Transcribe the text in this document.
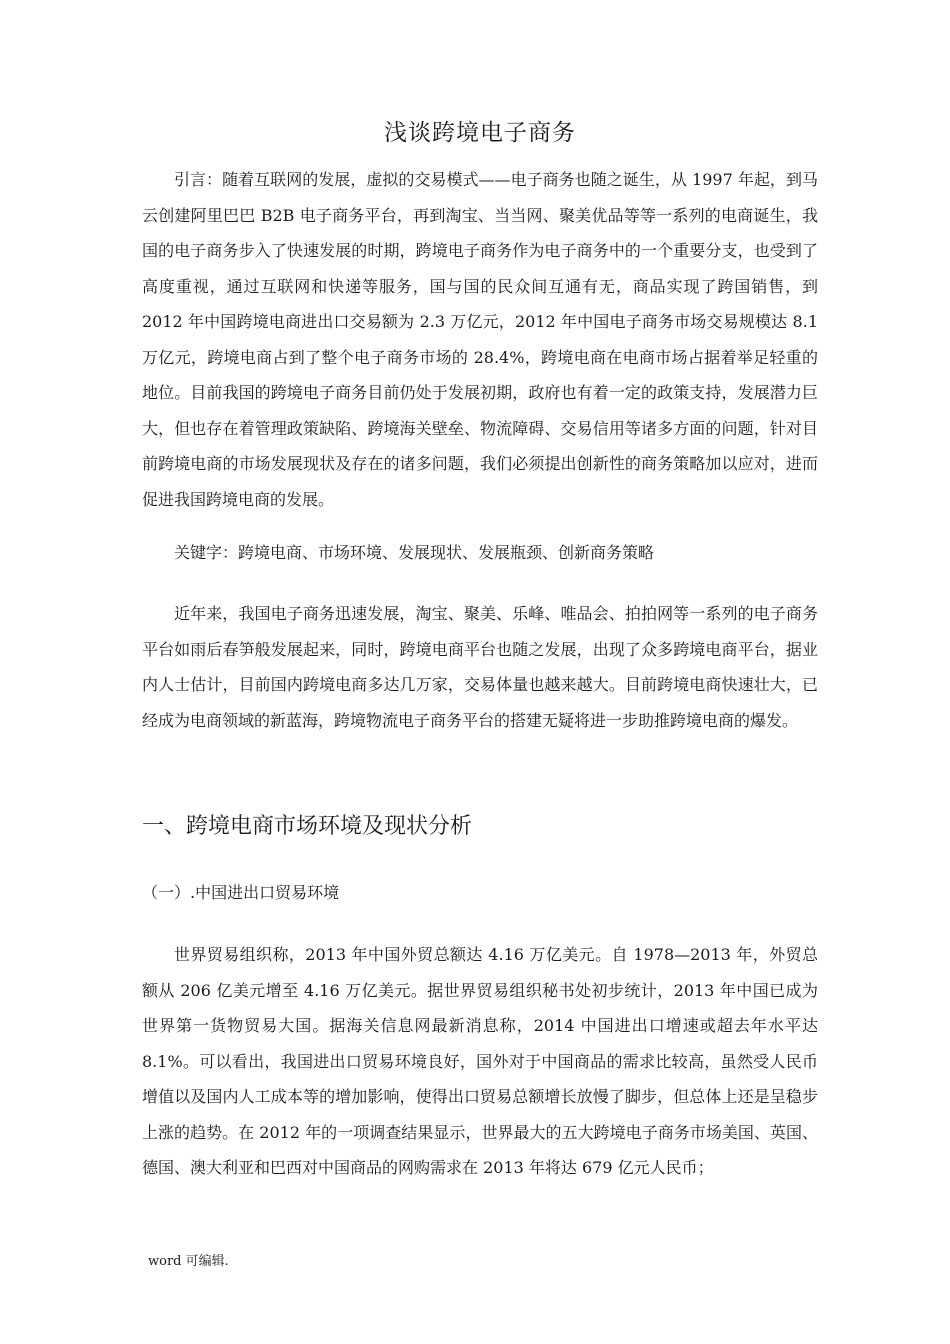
浅谈跨境电子商务

引言：随着互联网的发展，虚拟的交易模式——电子商务也随之诞生，从 1997 年起，到马云创建阿里巴巴 B2B 电子商务平台，再到淘宝、当当网、聚美优品等等一系列的电商诞生，我国的电子商务步入了快速发展的时期，跨境电子商务作为电子商务中的一个重要分支，也受到了高度重视，通过互联网和快递等服务，国与国的民众间互通有无，商品实现了跨国销售，到 2012 年中国跨境电商进出口交易额为 2.3 万亿元，2012 年中国电子商务市场交易规模达 8.1 万亿元，跨境电商占到了整个电子商务市场的 28.4%，跨境电商在电商市场占据着举足轻重的地位。目前我国的跨境电子商务目前仍处于发展初期，政府也有着一定的政策支持，发展潜力巨大，但也存在着管理政策缺陷、跨境海关壁垒、物流障碍、交易信用等诸多方面的问题，针对目前跨境电商的市场发展现状及存在的诸多问题，我们必须提出创新性的商务策略加以应对，进而促进我国跨境电商的发展。

关键字：跨境电商、市场环境、发展现状、发展瓶颈、创新商务策略

近年来，我国电子商务迅速发展，淘宝、聚美、乐峰、唯品会、拍拍网等一系列的电子商务平台如雨后春笋般发展起来，同时，跨境电商平台也随之发展，出现了众多跨境电商平台，据业内人士估计，目前国内跨境电商多达几万家，交易体量也越来越大。目前跨境电商快速壮大，已经成为电商领域的新蓝海，跨境物流电子商务平台的搭建无疑将进一步助推跨境电商的爆发。

一、跨境电商市场环境及现状分析
（一）.中国进出口贸易环境

世界贸易组织称，2013 年中国外贸总额达 4.16 万亿美元。自 1978—2013 年，外贸总额从 206 亿美元增至 4.16 万亿美元。据世界贸易组织秘书处初步统计，2013 年中国已成为世界第一货物贸易大国。据海关信息网最新消息称，2014 中国进出口增速或超去年水平达 8.1%。可以看出，我国进出口贸易环境良好，国外对于中国商品的需求比较高，虽然受人民币增值以及国内人工成本等的增加影响，使得出口贸易总额增长放慢了脚步，但总体上还是呈稳步上涨的趋势。在 2012 年的一项调查结果显示，世界最大的五大跨境电子商务市场美国、英国、德国、澳大利亚和巴西对中国商品的网购需求在 2013 年将达 679 亿元人民币；

word 可编辑.
